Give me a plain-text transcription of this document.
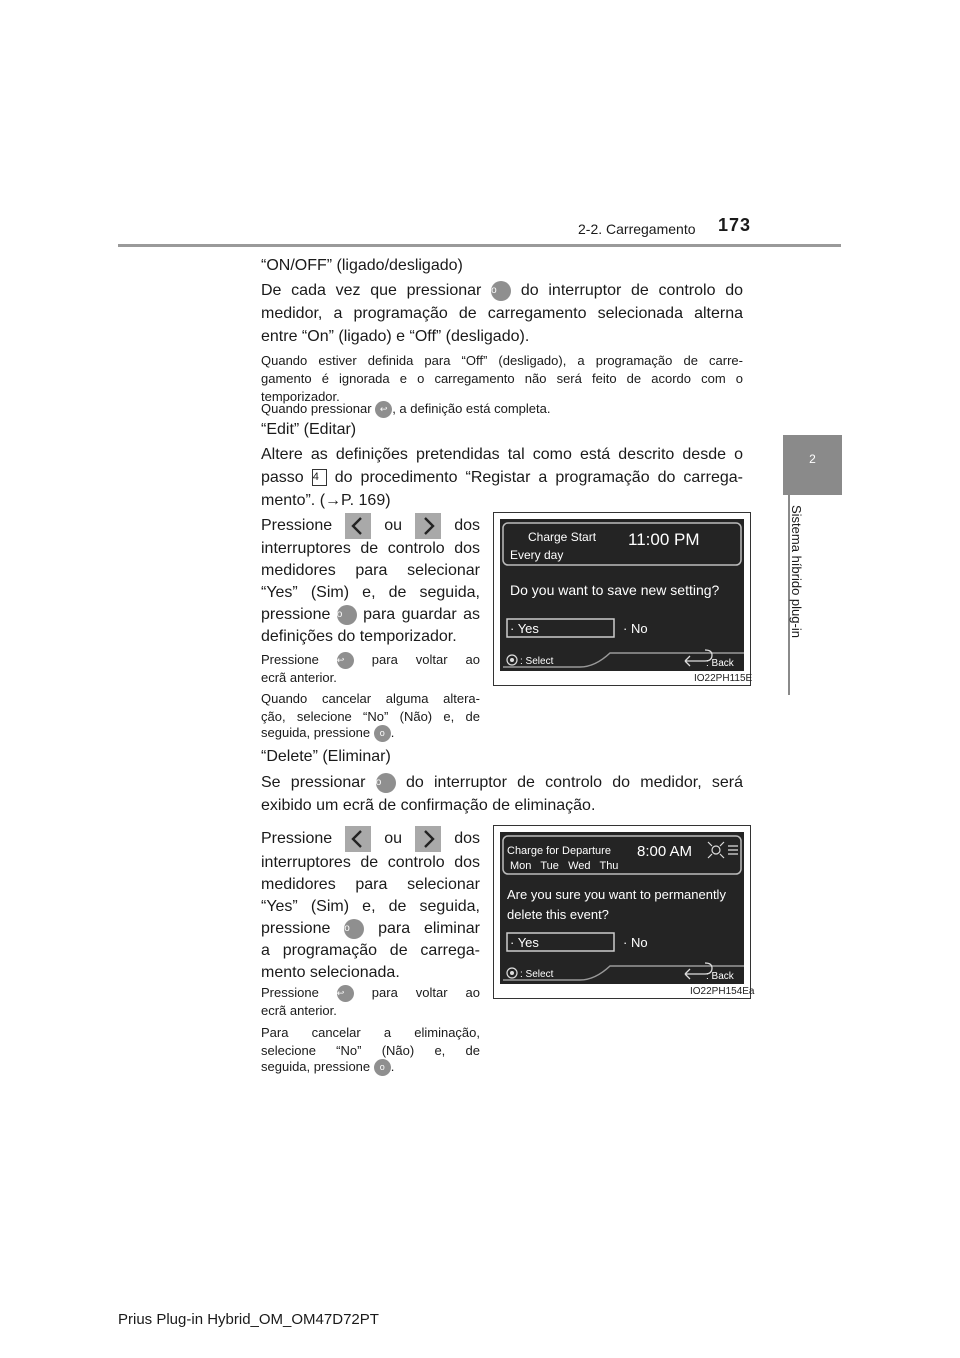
2-2. Carregamento 173
2
Sistema híbrido plug-in
“ON/OFF” (ligado/desligado)
De cada vez que pressionar o do interruptor de controlo do
medidor, a programação de carregamento selecionada alterna
entre “On” (ligado) e “Off” (desligado).
Quando estiver definida para “Off” (desligado), a programação de carre-
gamento é ignorada e o carregamento não será feito de acordo com o
temporizador.
Quando pressionar ↩ , a definição está completa.
“Edit” (Editar)
Altere as definições pretendidas tal como está descrito desde o
passo 4 do procedimento “Registar a programação do carrega-
mento”. (→P. 169)
Pressione	ou	dos
interruptores de controlo dos
medidores para selecionar
“Yes” (Sim) e, de seguida,
pressione o para guardar as
definições do temporizador.
Pressione ↩ para voltar ao
ecrã anterior.
Quando cancelar alguma altera-
ção, selecione “No” (Não) e, de
seguida, pressione o .
Charge Start 11:00 PM
Every day
Do you want to save new setting?
· Yes	· No
: Select	: Back
IO22PH115E
“Delete” (Eliminar)
Se pressionar o do interruptor de controlo do medidor, será
exibido um ecrã de confirmação de eliminação.
Pressione	ou	dos
interruptores de controlo dos
medidores para selecionar
“Yes” (Sim) e, de seguida,
pressione o para eliminar
a programação de carrega-
mento selecionada.
Pressione ↩ para voltar ao
ecrã anterior.
Para cancelar a eliminação,
selecione “No” (Não) e, de
seguida, pressione o .
Charge for Departure 8:00 AM
Mon   Tue   Wed   Thu
Are you sure you want to permanently
delete this event?
· Yes	· No
: Select	: Back
IO22PH154Ea
Prius Plug-in Hybrid_OM_OM47D72PT
